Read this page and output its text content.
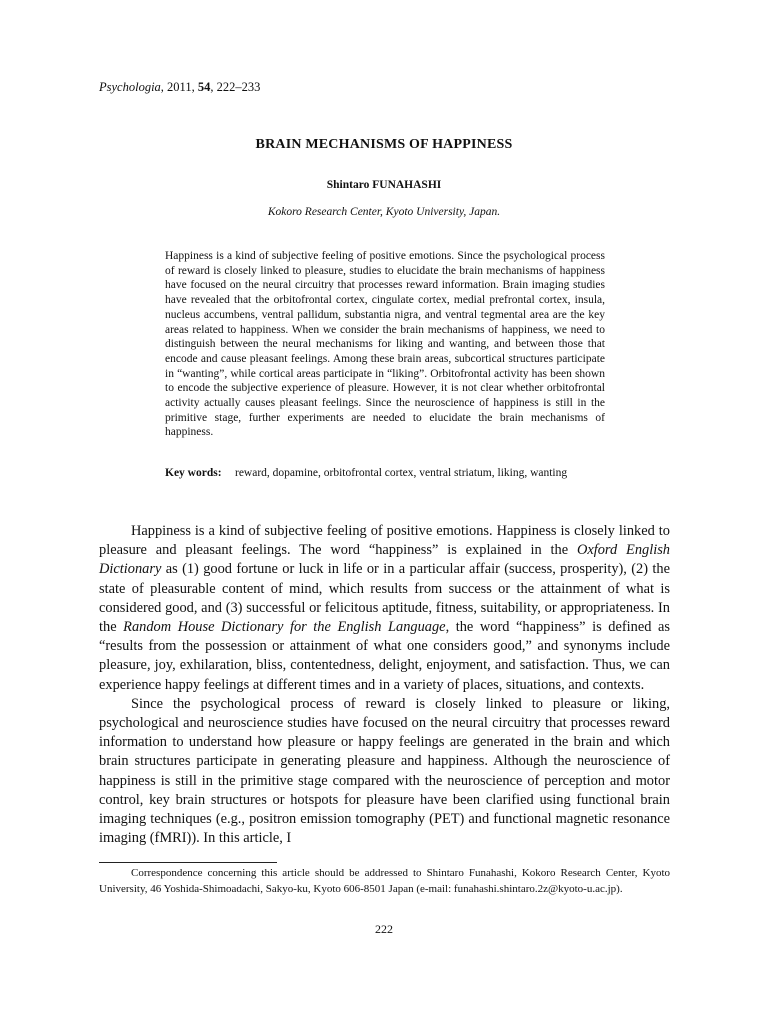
Psychologia, 2011, 54, 222–233
BRAIN MECHANISMS OF HAPPINESS
Shintaro FUNAHASHI
Kokoro Research Center, Kyoto University, Japan.
Happiness is a kind of subjective feeling of positive emotions. Since the psychological process of reward is closely linked to pleasure, studies to elucidate the brain mechanisms of happiness have focused on the neural circuitry that processes reward information. Brain imaging studies have revealed that the orbitofrontal cortex, cingulate cortex, medial prefrontal cortex, insula, nucleus accumbens, ventral pallidum, substantia nigra, and ventral tegmental area are the key areas related to happiness. When we consider the brain mechanisms of happiness, we need to distinguish between the neural mechanisms for liking and wanting, and between those that encode and cause pleasant feelings. Among these brain areas, subcortical structures participate in “wanting”, while cortical areas participate in “liking”. Orbitofrontal activity has been shown to encode the subjective experience of pleasure. However, it is not clear whether orbitofrontal activity actually causes pleasant feelings. Since the neuroscience of happiness is still in the primitive stage, further experiments are needed to elucidate the brain mechanisms of happiness.
Key words:	reward, dopamine, orbitofrontal cortex, ventral striatum, liking, wanting

Happiness is a kind of subjective feeling of positive emotions. Happiness is closely linked to pleasure and pleasant feelings. The word “happiness” is explained in the Oxford English Dictionary as (1) good fortune or luck in life or in a particular affair (success, prosperity), (2) the state of pleasurable content of mind, which results from success or the attainment of what is considered good, and (3) successful or felicitous aptitude, fitness, suitability, or appropriateness. In the Random House Dictionary for the English Language, the word “happiness” is defined as “results from the possession or attainment of what one considers good,” and synonyms include pleasure, joy, exhilaration, bliss, contentedness, delight, enjoyment, and satisfaction. Thus, we can experience happy feelings at different times and in a variety of places, situations, and contexts.

Since the psychological process of reward is closely linked to pleasure or liking, psychological and neuroscience studies have focused on the neural circuitry that processes reward information to understand how pleasure or happy feelings are generated in the brain and which brain structures participate in generating pleasure and happiness. Although the neuroscience of happiness is still in the primitive stage compared with the neuroscience of perception and motor control, key brain structures or hotspots for pleasure have been clarified using functional brain imaging techniques (e.g., positron emission tomography (PET) and functional magnetic resonance imaging (fMRI)). In this article, I

Correspondence concerning this article should be addressed to Shintaro Funahashi, Kokoro Research Center, Kyoto University, 46 Yoshida-Shimoadachi, Sakyo-ku, Kyoto 606-8501 Japan (e-mail: funahashi.shintaro.2z@kyoto-u.ac.jp).
222
